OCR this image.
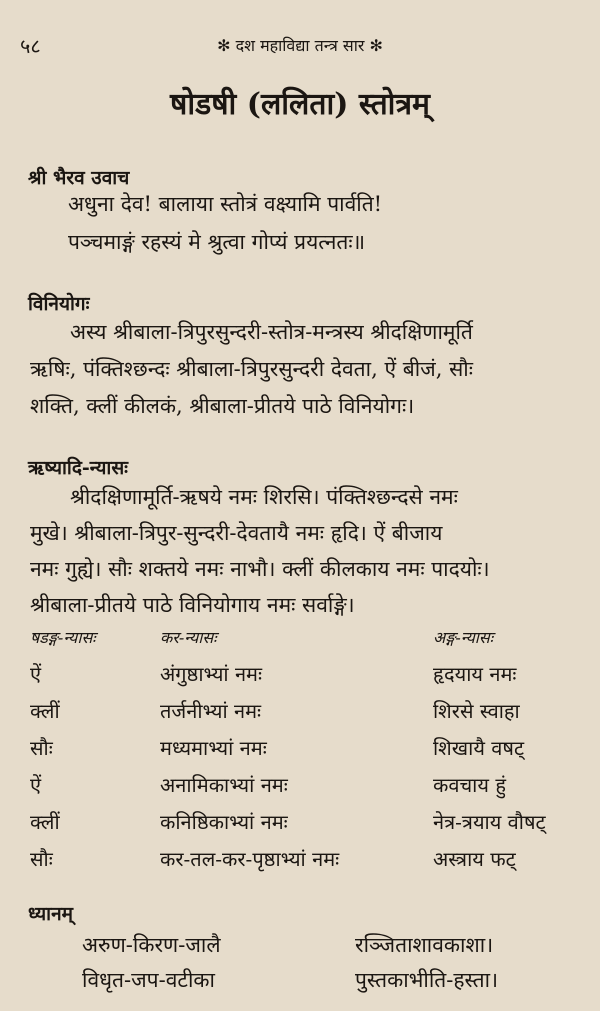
५८	✻ दश महाविद्या तन्त्र सार ✻
षोडषी (ललिता) स्तोत्रम्
श्री भैरव उवाच
अधुना देव! बालाया स्तोत्रं वक्ष्यामि पार्वति!
पञ्चमाङ्गं रहस्यं मे श्रुत्वा गोप्यं प्रयत्नतः॥
विनियोगः
अस्य श्रीबाला-त्रिपुरसुन्दरी-स्तोत्र-मन्त्रस्य श्रीदक्षिणामूर्ति
ऋषिः, पंक्तिश्छन्दः श्रीबाला-त्रिपुरसुन्दरी देवता, ऐं बीजं, सौः
शक्ति, क्लीं कीलकं, श्रीबाला-प्रीतये पाठे विनियोगः।
ऋष्यादि-न्यासः
श्रीदक्षिणामूर्ति-ऋषये नमः शिरसि। पंक्तिश्छन्दसे नमः
मुखे। श्रीबाला-त्रिपुर-सुन्दरी-देवतायै नमः हृदि। ऐं बीजाय
नमः गुह्ये। सौः शक्तये नमः नाभौ। क्लीं कीलकाय नमः पादयोः।
श्रीबाला-प्रीतये पाठे विनियोगाय नमः सर्वाङ्गे।
षडङ्ग-न्यासः	कर-न्यासः	अङ्ग-न्यासः
ऐं	अंगुष्ठाभ्यां नमः	हृदयाय नमः
क्लीं	तर्जनीभ्यां नमः	शिरसे स्वाहा
सौः	मध्यमाभ्यां नमः	शिखायै वषट्
ऐं	अनामिकाभ्यां नमः	कवचाय हुं
क्लीं	कनिष्ठिकाभ्यां नमः	नेत्र-त्रयाय वौषट्
सौः	कर-तल-कर-पृष्ठाभ्यां नमः	अस्त्राय फट्
ध्यानम्
अरुण-किरण-जालै	रञ्जिताशावकाशा।
विधृत-जप-वटीका	पुस्तकाभीति-हस्ता।
